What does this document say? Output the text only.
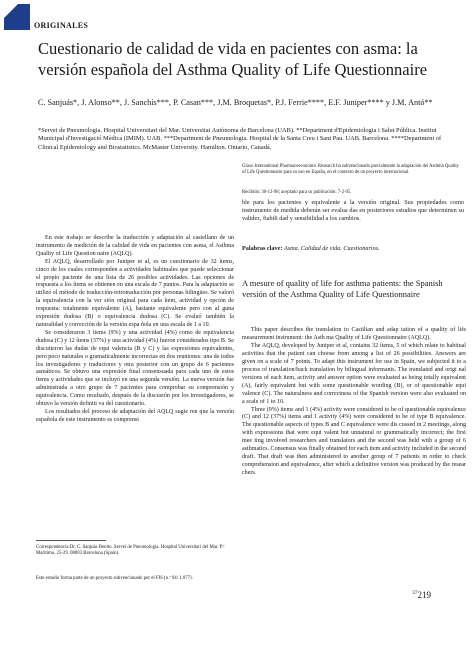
ORIGINALES
Cuestionario de calidad de vida en pacientes con asma: la versión española del Asthma Quality of Life Questionnaire
C. Sanjuás*, J. Alonso**, J. Sanchís***, P. Casan***, J.M. Broquetas*, P.J. Ferrie****, E.F. Juniper**** y J.M. Antó**
*Servei de Pneumologia. Hospital Universitari del Mar. Universitat Autònoma de Barcelona (UAB). **Department d'Epidemiologia i Salut Pública. Institut Municipal d'Investigació Mèdica (IMIM). UAB. ***Department de Pneumologia. Hospital de la Santa Creu i Sant Pau. UAB. Barcelona. ****Department of Clinical Epidemiology and Biostatistics. McMaster University. Hamilton. Ontario, Canadá.
Glaxo International Pharmacoeconomic Research ha subvencionado parcialmente la adaptación del Asthma Quality of Life Questionnaire para su uso en España, en el contexto de un proyecto internacional.
Recibido: 30-12-98; aceptado para su publicación: 7-2-95.
ble para los pacientes y equivalente a la versión original. Sus propiedades como instrumento de medida deberán ser evalua das en posteriores estudios que determinen su validez, fiabili dad y sensibilidad a los cambios.
Palabras clave: Asma. Calidad de vida. Cuestionarios.

En este trabajo se describe la traducción y adaptación al castellano de un instrumento de medición de la calidad de vida en pacientes con asma, el Asthma Quality of Life Question naire (AQLQ).

El AQLQ, desarrollado por Juniper et al, es un cuestionario de 32 ítems, cinco de los cuales corresponden a actividades habituales que puede seleccionar el propio paciente de una lista de 26 posibles actividades. Las opciones de respuesta a los ítems se obtienen en una escala de 7 puntos. Para la adaptación se utilizó el método de traducción-retrotraducción por personas bilingües. Se valoró la equivalencia con la ver sión original para cada ítem, actividad y opción de respuesta: totalmente equivalente (A), bastante equivalente pero con al guna expresión dudosa (B) o equivalencia dudosa (C). Se evaluó también la naturalidad y corrección de la versión espa ñola en una escala de 1 a 10.

Se consideraron 3 ítems (9%) y una actividad (4%) como de equivalencia dudosa (C) y 12 ítems (37%) y una actividad (4%) fueron considerados tipo B. Se discutieron las dudas de equi valencia (B y C) y las expresiones equivalentes, pero poco naturales o gramaticalmente incorrectas en dos reuniones: una de todos los investigadores y traductores y otra posterior con un grupo de 6 pacientes asmáticos. Se obtuvo una expresión final consensuada para cada uno de estos ítems y actividades que se incluyó en una segunda versión. La nueva versión fue administrada a otro grupo de 7 pacientes para comprobar su comprensión y equivalencia. Como resultado, después de la discusión por los investigadores, se obtuvo la versión definiti va del cuestionario.

Los resultados del proceso de adaptación del AQLQ sugie ren que la versión española de este instrumento es comprensi

A mesure of quality of life for asthma patients: the Spanish versión of the Asthma Quality of Life Questionnaire

This paper describes the translation to Castilian and adap tation of a quality of life measurement instrument: the Asth ma Quality of Life Questionnaire (AQLQ).

The AQLQ, developed by Juniper et al, contains 32 ítems, 5 of which relate to habitual activities that the patient can choose from among a list of 26 possibilities. Answers are given on a scale of 7 points. To adapt this instrument for use in Spain, we subjected it to a process of translation/back translation by bilingual informants. The translated and origi nal versions of each item, activity and answer option were evaluated as being totally equivalent (A), fairly equivalent but with some questionable wording (B), or of questionable equi valence (C). The naturalness and correctness of the Spanish version were also evaluated on a scale of 1 to 10.

Three (9%) items and 1 (4%) activity were considered to be of questionable equivalence (C) and 12 (37%) items and 1 activity (4%) were considered to be of type B equivalence. The questionable aspects of types B and C equivalence were dis cussed in 2 meetings, along with expressions that were equi valent but unnatural or grammatically incorrect; the first mee ting involved researchers and translators and the second was held with a group of 6 asthmatics. Consensus was finally obtained for each item and activity included in the second draft. That draft was then administered to another group of 7 patients in order to check comprehension and equivalence, after which a definitive version was produced by the resear chers.

Correspondencia:Dr. C. Sanjuás Benito. Servei de Pneumologia. Hospital Universitari del Mar. P.º Marítimo, 25-29. 08003 Barcelona (Spain).
Este estudio forma parte de un proyecto subvencionado por el FIS (n.º 94/ 1.077).
$^{37}$219
